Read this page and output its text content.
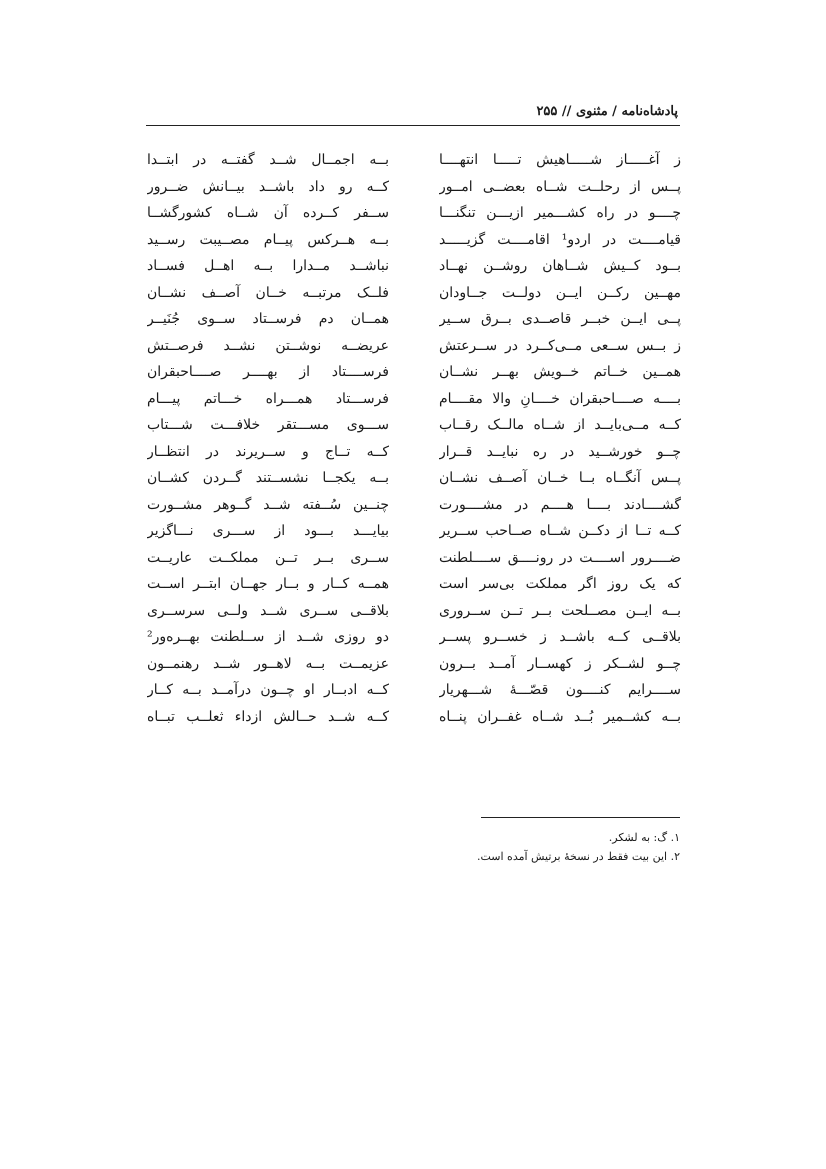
پادشاه‌نامه / مثنوی // ۲۵۵
ز آغـــــاز شـــــاهیش تـــــا انتهــــا
پــس از رحلــت شــاه بعضــی امــور
چــــو در راه کشـــمیر ازیـــن تنگنـــا
قیامــــت در اردو¹ اقامــــت گزیـــــد
بــود کــیش شــاهان روشــن نهــاد
مهــین رکــن ایــن دولــت جــاودان
پــی ایــن خبــر قاصــدی بــرق ســیر
ز بــس ســعی مــی‌کــرد در ســرعتش
همــین خــاتم خــویش بهــر نشــان
بــــه صــــاحبقران خــــانِ والا مقــــام
کــه مــی‌بایــد از شــاه مالــک رقــاب
چــو خورشــید در ره نبایــد قــرار
پــس آنگــاه بــا خــان آصــف نشــان
گشــــادند بــــا هــــم در مشــــورت
کــه تــا از دکــن شــاه صــاحب ســریر
ضــــرور اســــت در رونــــق ســــلطنت
که یک روز اگر مملکت بی‌سر است
بــه ایــن مصــلحت بــر تــن ســروری
بلاقــی کــه باشــد ز خســرو پســر
چــو لشــکر ز کهســار آمــد بــرون
ســــرایم کنــــون قصّـــهٔ شـــهریار
بــه کشــمیر بُــد شــاه غفــران پنــاه
بــه اجمــال شــد گفتــه در ابتــدا
کــه رو داد باشــد بیــانش ضــرور
ســفر کــرده آن شــاه کشورگشــا
بــه هــرکس پیــام مصــیبت رســید
نباشــد مــدارا بــه اهــل فســاد
فلــک مرتبــه خــان آصــف نشــان
همــان دم فرســتاد ســوی جُنَیــر
عریضــه نوشــتن نشــد فرصــتش
فرســــتاد از بهــــر صــــاحبقران
فرســـتاد همـــراه خـــاتم پیـــام
ســـوی مســـتقر خلافـــت شـــتاب
کــه تــاج و ســریرند در انتظــار
بــه یکجــا نشســتند گــردن کشــان
چنــین سُــفته شــد گــوهر مشــورت
بیایـــد بـــود از ســـری نـــاگزیر
ســری بــر تــن مملکــت عاریــت
همــه کــار و بــار جهــان ابتــر اســت
بلاقــی ســری شــد ولــی سرســری
دو روزی شــد از ســلطنت بهــره‌ور²
عزیمــت بــه لاهــور شــد رهنمــون
کــه ادبــار او چــون درآمــد بــه کــار
کــه شــد حــالش ازداء ثعلــب تبــاه
۱. گ: به لشکر.
۲. این بیت فقط در نسخهٔ برتیش آمده است.
